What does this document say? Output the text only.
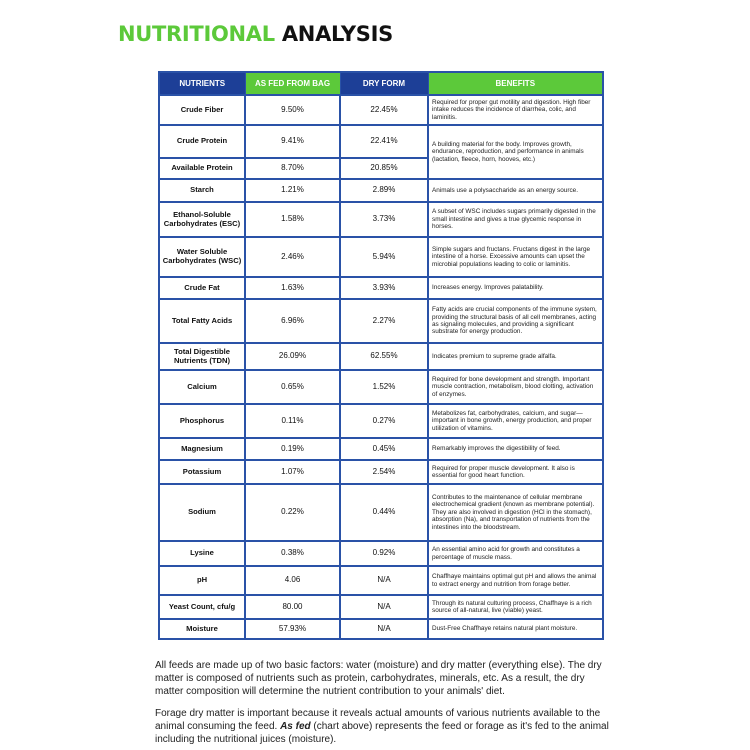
NUTRITIONAL ANALYSIS
NUTRIENTS	AS FED FROM BAG	DRY FORM	BENEFITS
Crude Fiber	9.50%	22.45%	Required for proper gut motility and digestion. High fiber intake reduces the incidence of diarrhea, colic, and laminitis.
Crude Protein	9.41%	22.41%	A building material for the body. Improves growth, endurance, reproduction, and performance in animals (lactation, fleece, horn, hooves, etc.)
Available Protein	8.70%	20.85%	
Starch	1.21%	2.89%	Animals use a polysaccharide as an energy source.
Ethanol-Soluble Carbohydrates (ESC)	1.58%	3.73%	A subset of WSC includes sugars primarily digested in the small intestine and gives a true glycemic response in horses.
Water Soluble Carbohydrates (WSC)	2.46%	5.94%	Simple sugars and fructans. Fructans digest in the large intestine of a horse. Excessive amounts can upset the microbial populations leading to colic or laminitis.
Crude Fat	1.63%	3.93%	Increases energy. Improves palatability.
Total Fatty Acids	6.96%	2.27%	Fatty acids are crucial components of the immune system, providing the structural basis of all cell membranes, acting as signaling molecules, and providing a significant substrate for energy production.
Total Digestible Nutrients (TDN)	26.09%	62.55%	Indicates premium to supreme grade alfalfa.
Calcium	0.65%	1.52%	Required for bone development and strength. Important muscle contraction, metabolism, blood clotting, activation of enzymes.
Phosphorus	0.11%	0.27%	Metabolizes fat, carbohydrates, calcium, and sugar—important in bone growth, energy production, and proper utilization of vitamins.
Magnesium	0.19%	0.45%	Remarkably improves the digestibility of feed.
Potassium	1.07%	2.54%	Required for proper muscle development. It also is essential for good heart function.
Sodium	0.22%	0.44%	Contributes to the maintenance of cellular membrane electrochemical gradient (known as membrane potential). They are also involved in digestion (HCl in the stomach), absorption (Na), and transportation of nutrients from the intestines into the bloodstream.
Lysine	0.38%	0.92%	An essential amino acid for growth and constitutes a percentage of muscle mass.
pH	4.06	N/A	Chaffhaye maintains optimal gut pH and allows the animal to extract energy and nutrition from forage better.
Yeast Count, cfu/g	80.00	N/A	Through its natural culturing process, Chaffhaye is a rich source of all-natural, live (viable) yeast.
Moisture	57.93%	N/A	Dust-Free Chaffhaye retains natural plant moisture.

All feeds are made up of two basic factors: water (moisture) and dry matter (everything else). The dry matter is composed of nutrients such as protein, carbohydrates, minerals, etc. As a result, the dry matter composition will determine the nutrient contribution to your animals' diet.

Forage dry matter is important because it reveals actual amounts of various nutrients available to the animal consuming the feed. As fed (chart above) represents the feed or forage as it's fed to the animal including the nutritional juices (moisture).
